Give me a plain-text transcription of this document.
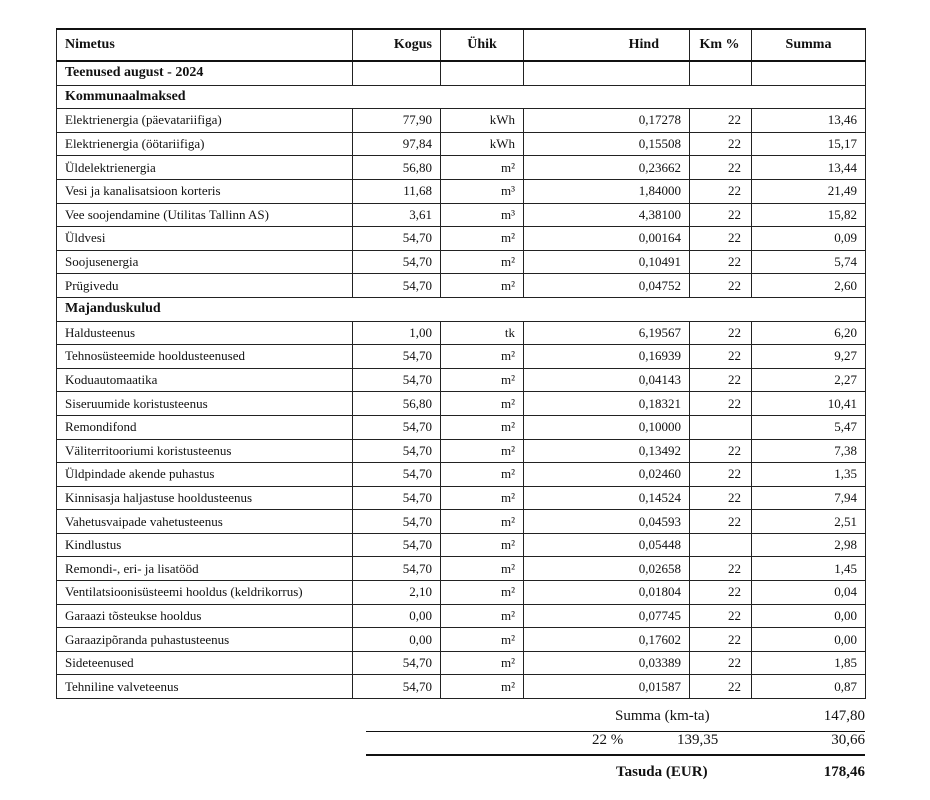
Nimetus	Kogus	Ühik	Hind	Km %	Summa
Teenused august - 2024					
Kommunaalmaksed					
Elektrienergia (päevatariifiga)	77,90	kWh	0,17278	22	13,46
Elektrienergia (öötariifiga)	97,84	kWh	0,15508	22	15,17
Üldelektrienergia	56,80	m²	0,23662	22	13,44
Vesi ja kanalisatsioon korteris	11,68	m³	1,84000	22	21,49
Vee soojendamine (Utilitas Tallinn AS)	3,61	m³	4,38100	22	15,82
Üldvesi	54,70	m²	0,00164	22	0,09
Soojusenergia	54,70	m²	0,10491	22	5,74
Prügivedu	54,70	m²	0,04752	22	2,60
Majanduskulud					
Haldusteenus	1,00	tk	6,19567	22	6,20
Tehnosüsteemide hooldusteenused	54,70	m²	0,16939	22	9,27
Koduautomaatika	54,70	m²	0,04143	22	2,27
Siseruumide koristusteenus	56,80	m²	0,18321	22	10,41
Remondifond	54,70	m²	0,10000		5,47
Väliterritooriumi koristusteenus	54,70	m²	0,13492	22	7,38
Üldpindade akende puhastus	54,70	m²	0,02460	22	1,35
Kinnisasja haljastuse hooldusteenus	54,70	m²	0,14524	22	7,94
Vahetusvaipade vahetusteenus	54,70	m²	0,04593	22	2,51
Kindlustus	54,70	m²	0,05448		2,98
Remondi-, eri- ja lisatööd	54,70	m²	0,02658	22	1,45
Ventilatsioonisüsteemi hooldus (keldrikorrus)	2,10	m²	0,01804	22	0,04
Garaazi tõsteukse hooldus	0,00	m²	0,07745	22	0,00
Garaazipõranda puhastusteenus	0,00	m²	0,17602	22	0,00
Sideteenused	54,70	m²	0,03389	22	1,85
Tehniline valveteenus	54,70	m²	0,01587	22	0,87
Summa (km-ta)	147,80
22 %	139,35	30,66
Tasuda (EUR)	178,46
